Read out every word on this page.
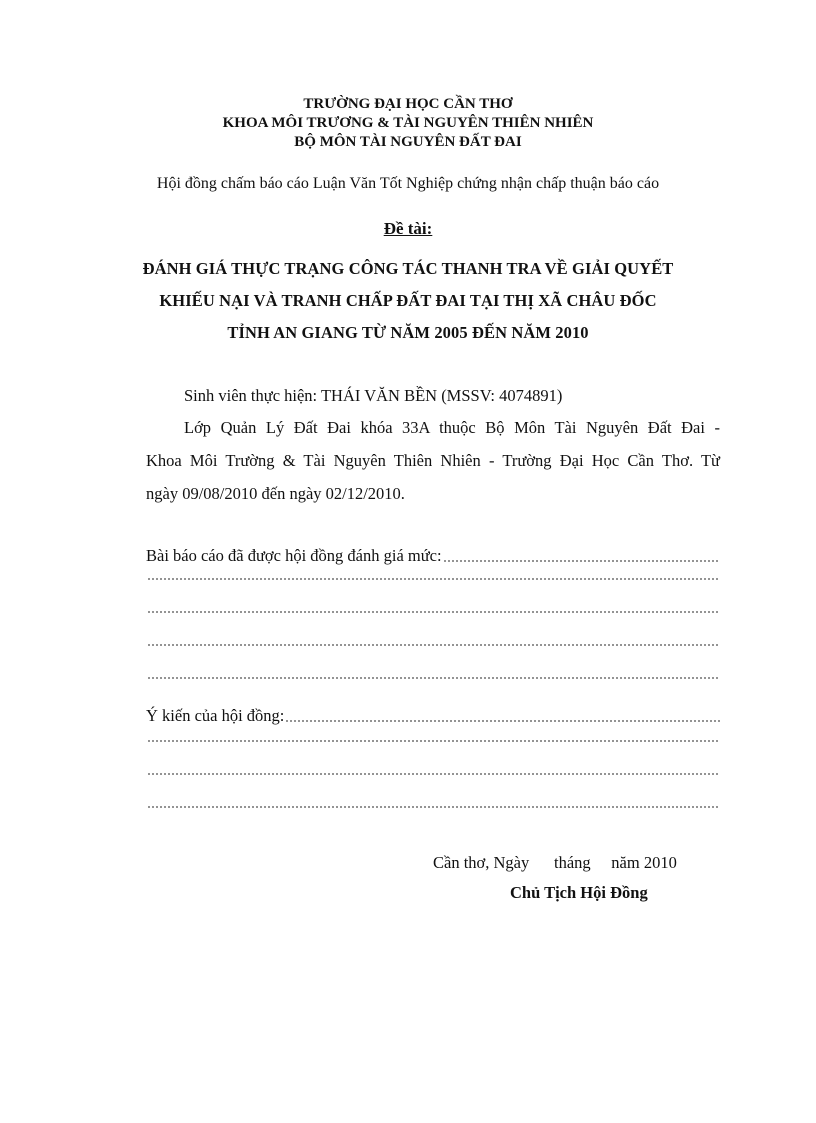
TRƯỜNG ĐẠI HỌC CẦN THƠ
KHOA MÔI TRƯƠNG & TÀI NGUYÊN THIÊN NHIÊN
BỘ MÔN TÀI NGUYÊN ĐẤT ĐAI
Hội đồng chấm báo cáo Luận Văn Tốt Nghiệp chứng nhận chấp thuận báo cáo
Đề tài:
ĐÁNH GIÁ THỰC TRẠNG CÔNG TÁC THANH TRA VỀ GIẢI QUYẾT
KHIẾU NẠI VÀ TRANH CHẤP ĐẤT ĐAI TẠI THỊ XÃ CHÂU ĐỐC
TỈNH AN GIANG TỪ NĂM 2005 ĐẾN NĂM 2010
Sinh viên thực hiện: THÁI VĂN BỀN (MSSV: 4074891)
Lớp Quản Lý Đất Đai khóa 33A thuộc Bộ Môn Tài Nguyên Đất Đai -
Khoa Môi Trường & Tài Nguyên Thiên Nhiên - Trường Đại Học Cần Thơ. Từ
ngày 09/08/2010 đến ngày 02/12/2010.
Bài báo cáo đã được hội đồng đánh giá mức:
Ý kiến của hội đồng:
Cần thơ, Ngày      tháng     năm 2010
Chủ Tịch Hội Đồng
